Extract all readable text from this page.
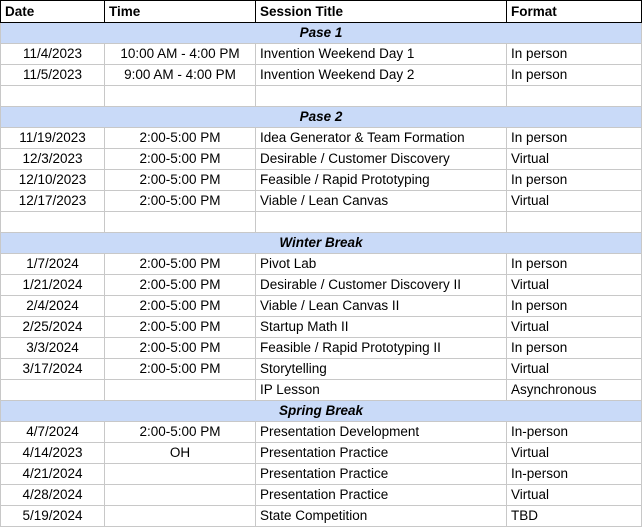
Date	Time	Session Title	Format
Pase 1			
11/4/2023	10:00 AM - 4:00 PM	Invention Weekend Day 1	In person
11/5/2023	9:00 AM - 4:00 PM	Invention Weekend Day 2	In person

Pase 2			
11/19/2023	2:00-5:00 PM	Idea Generator & Team Formation	In person
12/3/2023	2:00-5:00 PM	Desirable / Customer Discovery	Virtual
12/10/2023	2:00-5:00 PM	Feasible / Rapid Prototyping	In person
12/17/2023	2:00-5:00 PM	Viable / Lean Canvas	Virtual

Winter Break			
1/7/2024	2:00-5:00 PM	Pivot Lab	In person
1/21/2024	2:00-5:00 PM	Desirable / Customer Discovery II	Virtual
2/4/2024	2:00-5:00 PM	Viable / Lean Canvas II	In person
2/25/2024	2:00-5:00 PM	Startup Math II	Virtual
3/3/2024	2:00-5:00 PM	Feasible / Rapid Prototyping II	In person
3/17/2024	2:00-5:00 PM	Storytelling	Virtual
		IP Lesson	Asynchronous
Spring Break			
4/7/2024	2:00-5:00 PM	Presentation Development	In-person
4/14/2023	OH	Presentation Practice	Virtual
4/21/2024		Presentation Practice	In-person
4/28/2024		Presentation Practice	Virtual
5/19/2024		State Competition	TBD
